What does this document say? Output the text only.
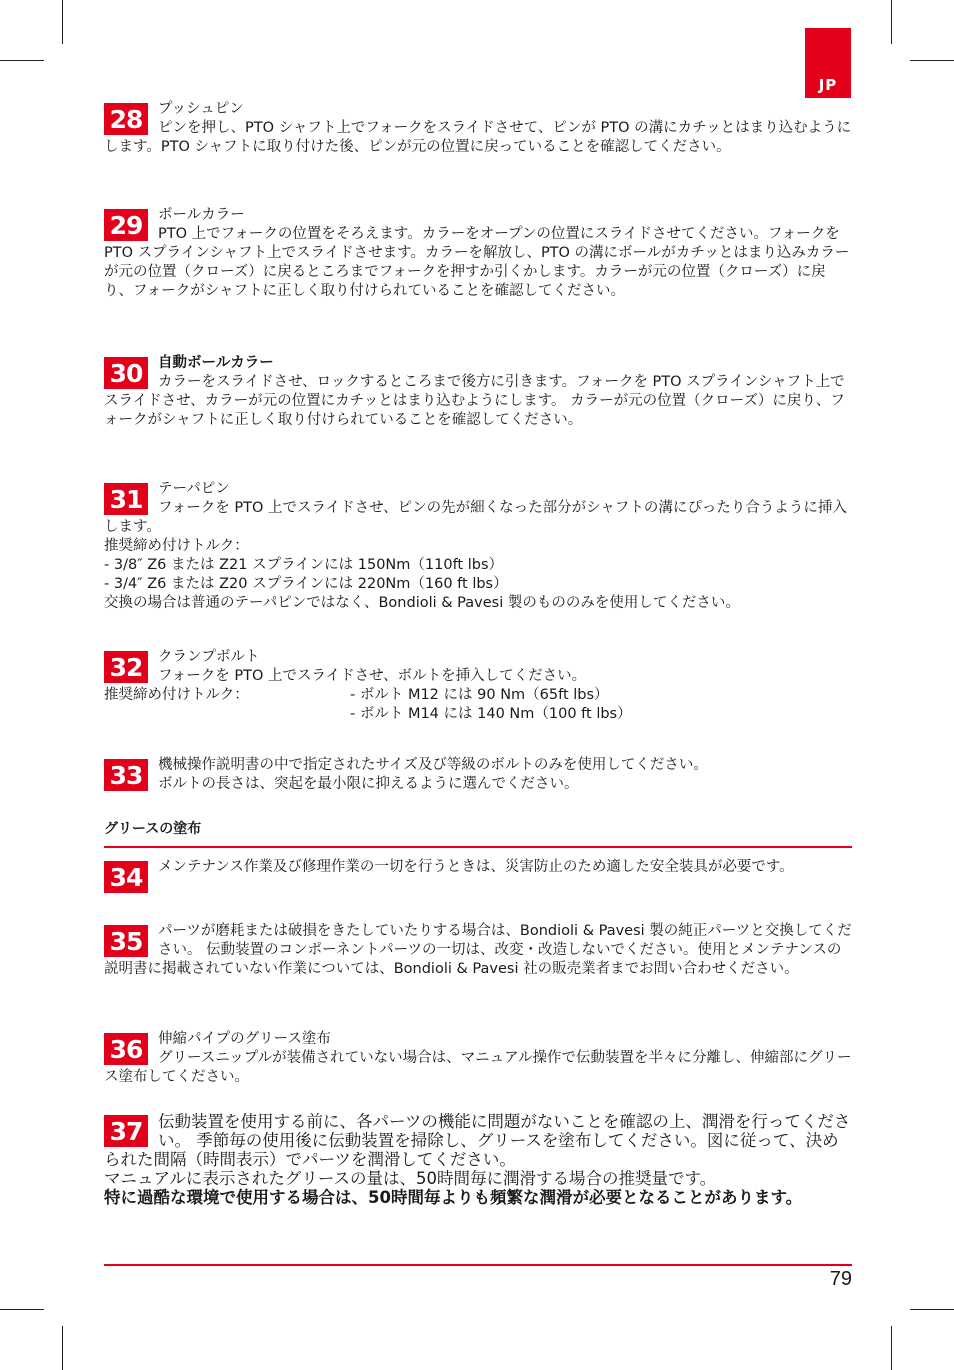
JP
28	プッシュピン
ピンを押し、PTO シャフト上でフォークをスライドさせて、ピンが PTO の溝にカチッとはまり込むようにします。PTO シャフトに取り付けた後、ピンが元の位置に戻っていることを確認してください。
29	ボールカラー
PTO 上でフォークの位置をそろえます。カラーをオープンの位置にスライドさせてください。フォークを PTO スプラインシャフト上でスライドさせます。カラーを解放し、PTO の溝にボールがカチッとはまり込みカラーが元の位置（クローズ）に戻るところまでフォークを押すか引くかします。カラーが元の位置（クローズ）に戻り、フォークがシャフトに正しく取り付けられていることを確認してください。
30	自動ボールカラー
カラーをスライドさせ、ロックするところまで後方に引きます。フォークを PTO スプラインシャフト上でスライドさせ、カラーが元の位置にカチッとはまり込むようにします。 カラーが元の位置（クローズ）に戻り、フォークがシャフトに正しく取り付けられていることを確認してください。
31	テーパピン
フォークを PTO 上でスライドさせ、ピンの先が細くなった部分がシャフトの溝にぴったり合うように挿入します。

推奨締め付けトルク：

- 3/8″ Z6 または Z21 スプラインには 150Nm（110ft lbs）

- 3/4″ Z6 または Z20 スプラインには 220Nm（160 ft lbs）

交換の場合は普通のテーパピンではなく、Bondioli & Pavesi 製のもののみを使用してください。

32	クランプボルト
フォークを PTO 上でスライドさせ、ボルトを挿入してください。
推奨締め付けトルク：	- ボルト M12 には 90 Nm（65ft lbs）
- ボルト M14 には 140 Nm（100 ft lbs）
33	機械操作説明書の中で指定されたサイズ及び等級のボルトのみを使用してください。
ボルトの長さは、突起を最小限に抑えるように選んでください。
グリースの塗布
34	メンテナンス作業及び修理作業の一切を行うときは、災害防止のため適した安全装具が必要です。
35	パーツが磨耗または破損をきたしていたりする場合は、Bondioli & Pavesi 製の純正パーツと交換してください。 伝動装置のコンポーネントパーツの一切は、改変・改造しないでください。使用とメンテナンスの説明書に掲載されていない作業については、Bondioli & Pavesi 社の販売業者までお問い合わせください。
36	伸縮パイプのグリース塗布
グリースニップルが装備されていない場合は、マニュアル操作で伝動装置を半々に分離し、伸縮部にグリース塗布してください。
37 伝動装置を使用する前に、各パーツの機能に問題がないことを確認の上、潤滑を行ってください。 季節毎の使用後に伝動装置を掃除し、グリースを塗布してください。図に従って、決められた間隔（時間表示）でパーツを潤滑してください。

マニュアルに表示されたグリースの量は、50時間毎に潤滑する場合の推奨量です。

特に過酷な環境で使用する場合は、50時間毎よりも頻繁な潤滑が必要となることがあります。

79
